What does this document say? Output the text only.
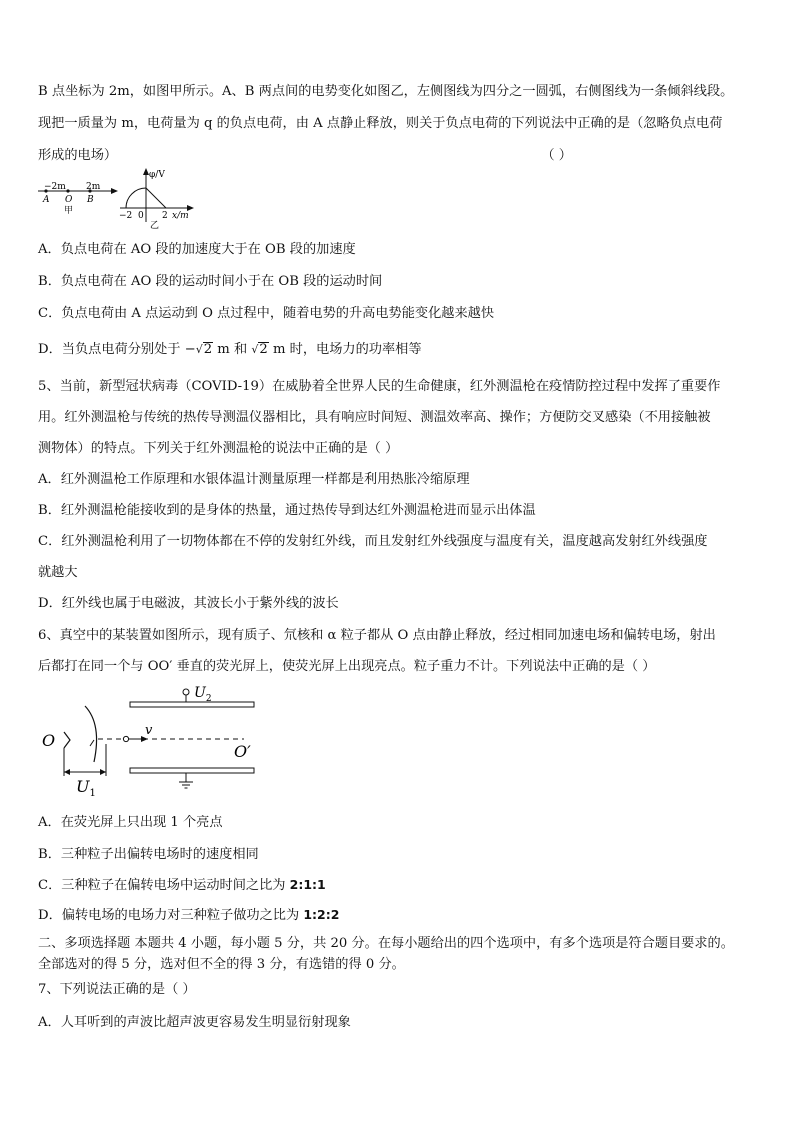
B 点坐标为 2m，如图甲所示。A、B 两点间的电势变化如图乙，左侧图线为四分之一圆弧，右侧图线为一条倾斜线段。
现把一质量为 m，电荷量为 q 的负点电荷，由 A 点静止释放，则关于负点电荷的下列说法中正确的是（忽略负点电荷
形成的电场）	（ ）
−2m 2m
A O B
甲
φ/V
−2 0 2 x/m
乙
A．负点电荷在 AO 段的加速度大于在 OB 段的加速度
B．负点电荷在 AO 段的运动时间小于在 OB 段的运动时间
C．负点电荷由 A 点运动到 O 点过程中，随着电势的升高电势能变化越来越快
D．当负点电荷分别处于 −√2 m 和 √2 m 时，电场力的功率相等
5、当前，新型冠状病毒（COVID-19）在威胁着全世界人民的生命健康，红外测温枪在疫情防控过程中发挥了重要作
用。红外测温枪与传统的热传导测温仪器相比，具有响应时间短、测温效率高、操作；方便防交叉感染（不用接触被
测物体）的特点。下列关于红外测温枪的说法中正确的是（ ）
A．红外测温枪工作原理和水银体温计测量原理一样都是利用热胀冷缩原理
B．红外测温枪能接收到的是身体的热量，通过热传导到达红外测温枪进而显示出体温
C．红外测温枪利用了一切物体都在不停的发射红外线，而且发射红外线强度与温度有关，温度越高发射红外线强度
就越大
D．红外线也属于电磁波，其波长小于紫外线的波长
6、真空中的某装置如图所示，现有质子、氘核和 α 粒子都从 O 点由静止释放，经过相同加速电场和偏转电场，射出
后都打在同一个与 OO′ 垂直的荧光屏上，使荧光屏上出现亮点。粒子重力不计。下列说法中正确的是（ ）
$U_2$
v
O
O′
$U_1$
A．在荧光屏上只出现 1 个亮点
B．三种粒子出偏转电场时的速度相同
C．三种粒子在偏转电场中运动时间之比为 2:1:1
D．偏转电场的电场力对三种粒子做功之比为 1:2:2
二、多项选择题 本题共 4 小题，每小题 5 分，共 20 分。在每小题给出的四个选项中，有多个选项是符合题目要求的。
全部选对的得 5 分，选对但不全的得 3 分，有选错的得 0 分。
7、下列说法正确的是（ ）
A．人耳听到的声波比超声波更容易发生明显衍射现象
